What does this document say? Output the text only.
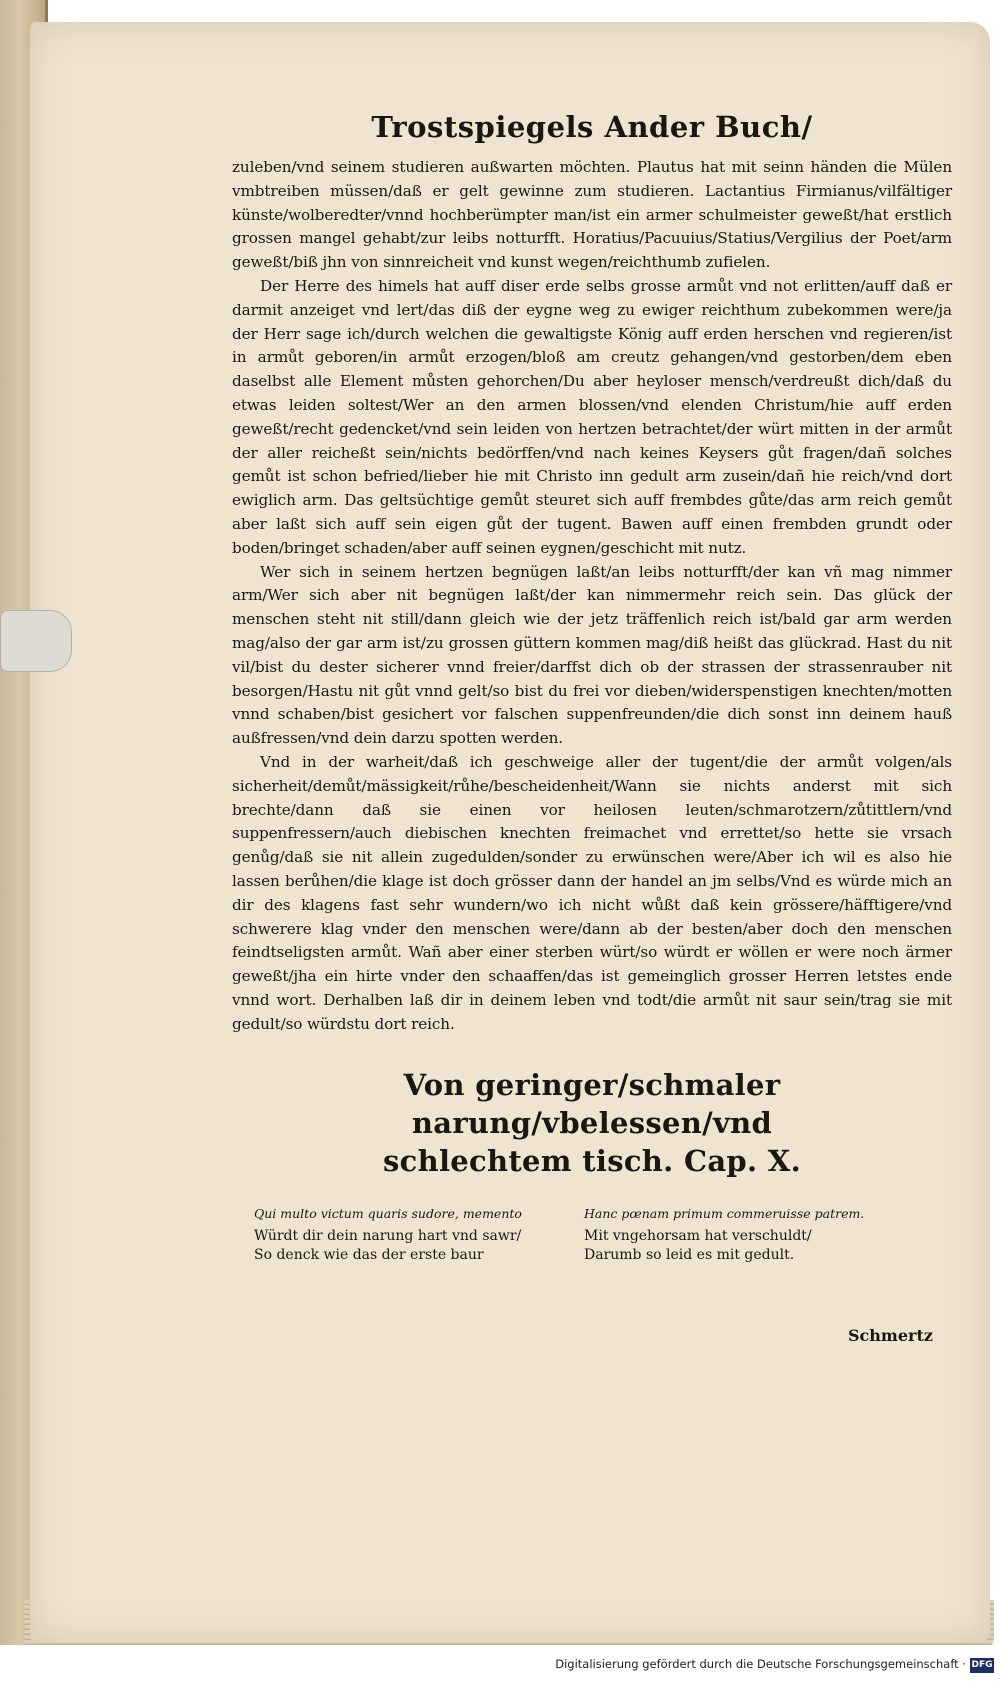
Trostspiegels Ander Buch/

zuleben/vnd seinem studieren außwarten möchten. Plautus hat mit seinn händen die Mülen vmbtreiben müssen/daß er gelt gewinne zum studieren. Lactantius Firmianus/vilfältiger künste/wolberedter/vnnd hochberümpter man/ist ein armer schulmeister geweßt/hat erstlich grossen mangel gehabt/zur leibs notturfft. Horatius/Pacuuius/Statius/Vergilius der Poet/arm geweßt/biß jhn von sinnreicheit vnd kunst wegen/reichthumb zufielen.

Der Herre des himels hat auff diser erde selbs grosse armůt vnd not erlitten/auff daß er darmit anzeiget vnd lert/das diß der eygne weg zu ewiger reichthum zubekommen were/ja der Herr sage ich/durch welchen die gewaltigste König auff erden herschen vnd regieren/ist in armůt geboren/in armůt erzogen/bloß am creutz gehangen/vnd gestorben/dem eben daselbst alle Element můsten gehorchen/Du aber heyloser mensch/verdreußt dich/daß du etwas leiden soltest/Wer an den armen blossen/vnd elenden Christum/hie auff erden geweßt/recht gedencket/vnd sein leiden von hertzen betrachtet/der würt mitten in der armůt der aller reicheßt sein/nichts bedörffen/vnd nach keines Keysers gůt fragen/dañ solches gemůt ist schon befried/lieber hie mit Christo inn gedult arm zusein/dañ hie reich/vnd dort ewiglich arm. Das geltsüchtige gemůt steuret sich auff frembdes gůte/das arm reich gemůt aber laßt sich auff sein eigen gůt der tugent. Bawen auff einen frembden grundt oder boden/bringet schaden/aber auff seinen eygnen/geschicht mit nutz.

Wer sich in seinem hertzen begnügen laßt/an leibs notturfft/der kan vñ mag nimmer arm/Wer sich aber nit begnügen laßt/der kan nimmermehr reich sein. Das glück der menschen steht nit still/dann gleich wie der jetz träffenlich reich ist/bald gar arm werden mag/also der gar arm ist/zu grossen güttern kommen mag/diß heißt das glückrad. Hast du nit vil/bist du dester sicherer vnnd freier/darffst dich ob der strassen der strassenrauber nit besorgen/Hastu nit gůt vnnd gelt/so bist du frei vor dieben/widerspenstigen knechten/motten vnnd schaben/bist gesichert vor falschen suppenfreunden/die dich sonst inn deinem hauß außfressen/vnd dein darzu spotten werden.

Vnd in der warheit/daß ich geschweige aller der tugent/die der armůt volgen/als sicherheit/demůt/mässigkeit/růhe/bescheidenheit/Wann sie nichts anderst mit sich brechte/dann daß sie einen vor heilosen leuten/schmarotzern/zůtittlern/vnd suppenfressern/auch diebischen knechten freimachet vnd errettet/so hette sie vrsach genůg/daß sie nit allein zugedulden/sonder zu erwünschen were/Aber ich wil es also hie lassen berůhen/die klage ist doch grösser dann der handel an jm selbs/Vnd es würde mich an dir des klagens fast sehr wundern/wo ich nicht wůßt daß kein grössere/häfftigere/vnd schwerere klag vnder den menschen were/dann ab der besten/aber doch den menschen feindtseligsten armůt. Wañ aber einer sterben würt/so würdt er wöllen er were noch ärmer geweßt/jha ein hirte vnder den schaaffen/das ist gemeinglich grosser Herren letstes ende vnnd wort. Derhalben laß dir in deinem leben vnd todt/die armůt nit saur sein/trag sie mit gedult/so würdstu dort reich.

Von geringer/schmaler narung/vbelessen/vnd
schlechtem tisch. Cap. X.
Qui multo victum quaris sudore, memento	Hanc pœnam primum commeruisse patrem.
Würdt dir dein narung hart vnd sawr/	Mit vngehorsam hat verschuldt/
So denck wie das der erste baur	Darumb so leid es mit gedult.
Schmertz
Digitalisierung gefördert durch die Deutsche Forschungsgemeinschaft · DFG
